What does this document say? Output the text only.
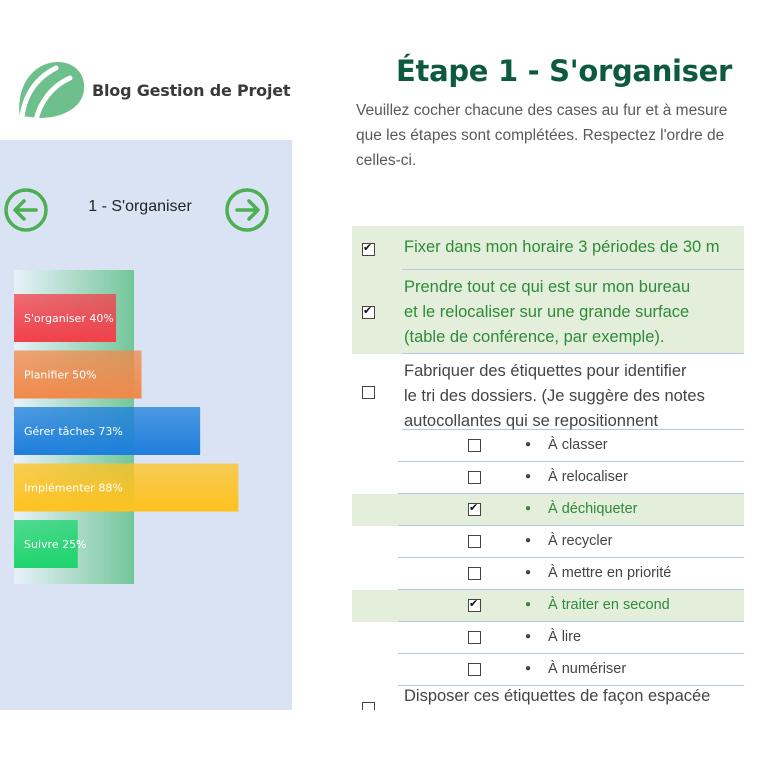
Blog Gestion de Projet
1 - S'organiser
S'organiser 40%
Planifier 50%
Gérer tâches 73%
Implémenter 88%
Suivre 25%
Étape 1 - S'organiser
Veuillez cocher chacune des cases au fur et à mesure que les étapes sont complétées. Respectez l'ordre de celles-ci.
✔
Fixer dans mon horaire 3 périodes de 30 m
✔
Prendre tout ce qui est sur mon bureau
et le relocaliser sur une grande surface
(table de conférence, par exemple).
Fabriquer des étiquettes pour identifier
le tri des dossiers. (Je suggère des notes
autocollantes qui se repositionnent
● À classer
● À relocaliser
✔
● À déchiqueter
● À recycler
● À mettre en priorité
✔
● À traiter en second
● À lire
● À numériser
Disposer ces étiquettes de façon espacée
